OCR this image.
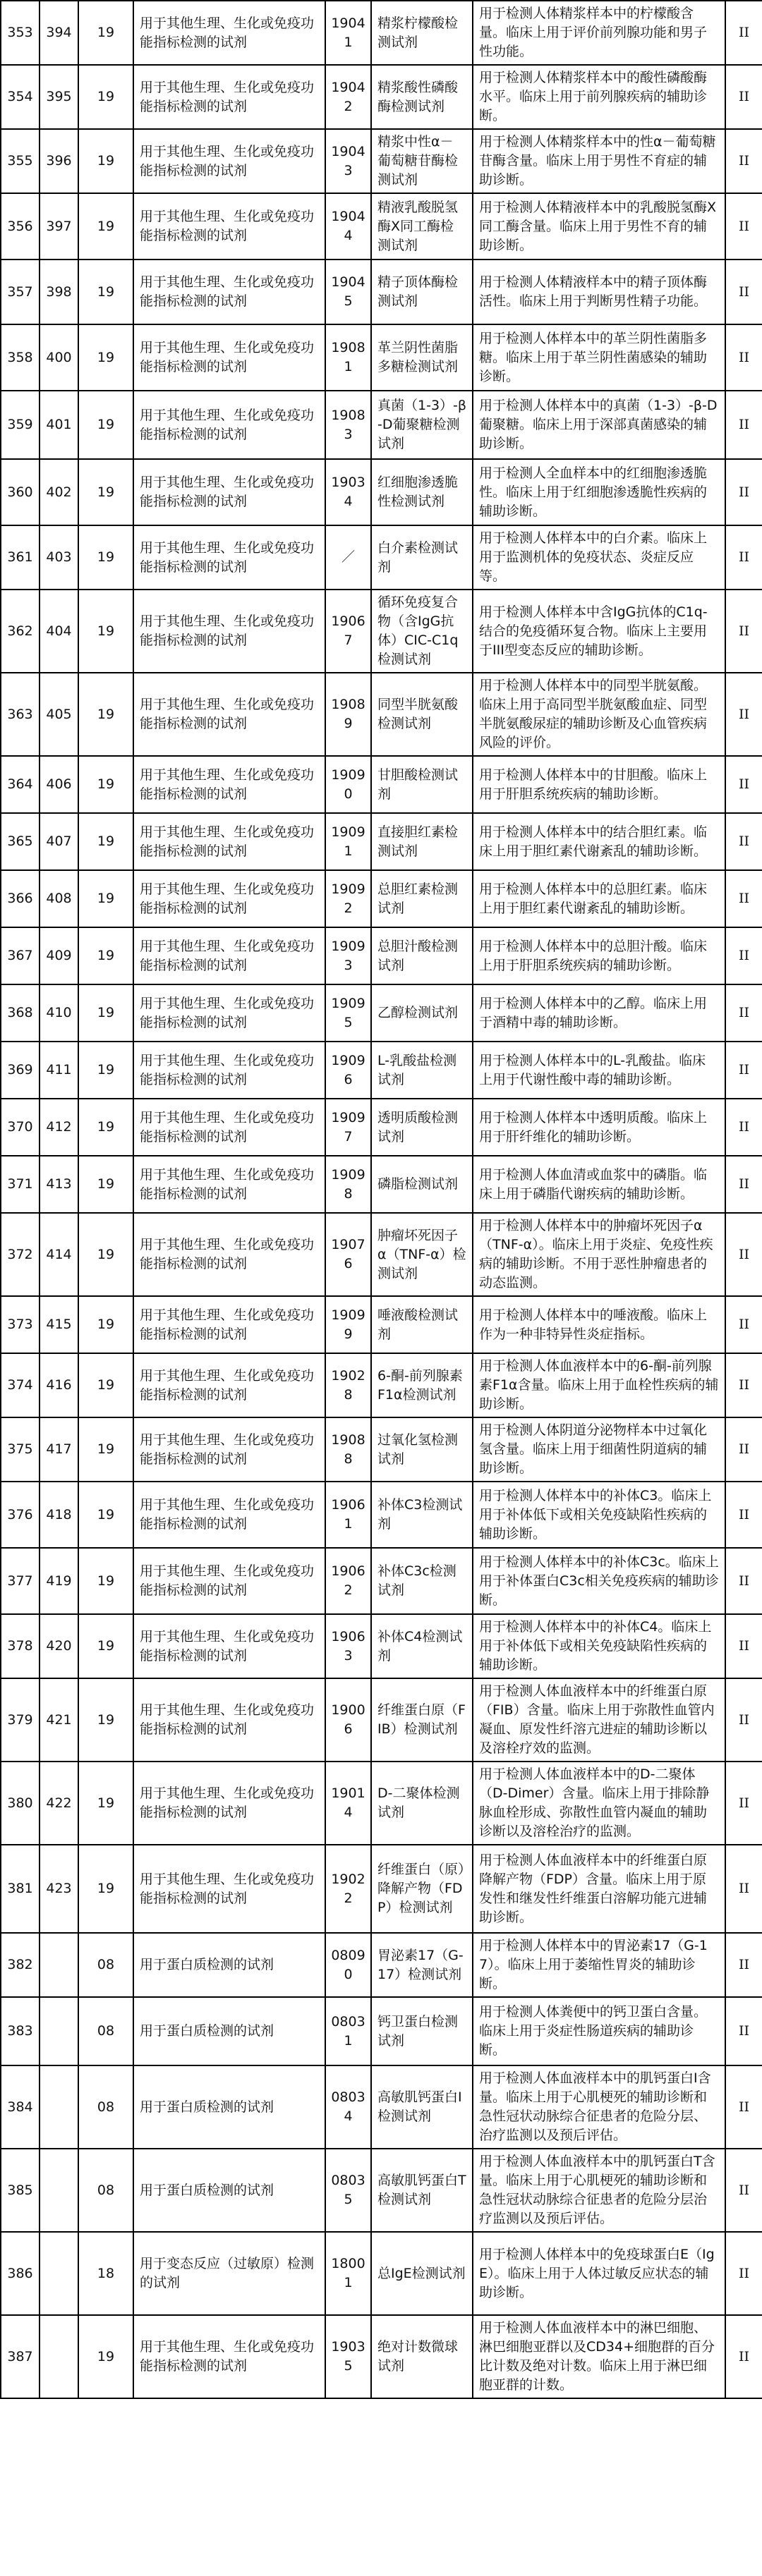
353	394	19	用于其他生理、生化或免疫功能指标检测的试剂	19041	精浆柠檬酸检测试剂	用于检测人体精浆样本中的柠檬酸含量。临床上用于评价前列腺功能和男子性功能。	II
354	395	19	用于其他生理、生化或免疫功能指标检测的试剂	19042	精浆酸性磷酸酶检测试剂	用于检测人体精浆样本中的酸性磷酸酶水平。临床上用于前列腺疾病的辅助诊断。	II
355	396	19	用于其他生理、生化或免疫功能指标检测的试剂	19043	精浆中性α－葡萄糖苷酶检测试剂	用于检测人体精浆样本中的性α－葡萄糖苷酶含量。临床上用于男性不育症的辅助诊断。	II
356	397	19	用于其他生理、生化或免疫功能指标检测的试剂	19044	精液乳酸脱氢酶X同工酶检测试剂	用于检测人体精液样本中的乳酸脱氢酶X同工酶含量。临床上用于男性不育的辅助诊断。	II
357	398	19	用于其他生理、生化或免疫功能指标检测的试剂	19045	精子顶体酶检测试剂	用于检测人体精液样本中的精子顶体酶活性。临床上用于判断男性精子功能。	II
358	400	19	用于其他生理、生化或免疫功能指标检测的试剂	19081	革兰阴性菌脂多糖检测试剂	用于检测人体样本中的革兰阴性菌脂多糖。临床上用于革兰阴性菌感染的辅助诊断。	II
359	401	19	用于其他生理、生化或免疫功能指标检测的试剂	19083	真菌（1-3）-β-D葡聚糖检测试剂	用于检测人体样本中的真菌（1-3）-β-D葡聚糖。临床上用于深部真菌感染的辅助诊断。	II
360	402	19	用于其他生理、生化或免疫功能指标检测的试剂	19034	红细胞渗透脆性检测试剂	用于检测人全血样本中的红细胞渗透脆性。临床上用于红细胞渗透脆性疾病的辅助诊断。	II
361	403	19	用于其他生理、生化或免疫功能指标检测的试剂	／	白介素检测试剂	用于检测人体样本中的白介素。临床上用于监测机体的免疫状态、炎症反应等。	II
362	404	19	用于其他生理、生化或免疫功能指标检测的试剂	19067	循环免疫复合物（含IgG抗体）CIC-C1q检测试剂	用于检测人体样本中含IgG抗体的C1q-结合的免疫循环复合物。临床上主要用于III型变态反应的辅助诊断。	II
363	405	19	用于其他生理、生化或免疫功能指标检测的试剂	19089	同型半胱氨酸检测试剂	用于检测人体样本中的同型半胱氨酸。临床上用于高同型半胱氨酸血症、同型半胱氨酸尿症的辅助诊断及心血管疾病风险的评价。	II
364	406	19	用于其他生理、生化或免疫功能指标检测的试剂	19090	甘胆酸检测试剂	用于检测人体样本中的甘胆酸。临床上用于肝胆系统疾病的辅助诊断。	II
365	407	19	用于其他生理、生化或免疫功能指标检测的试剂	19091	直接胆红素检测试剂	用于检测人体样本中的结合胆红素。临床上用于胆红素代谢紊乱的辅助诊断。	II
366	408	19	用于其他生理、生化或免疫功能指标检测的试剂	19092	总胆红素检测试剂	用于检测人体样本中的总胆红素。临床上用于胆红素代谢紊乱的辅助诊断。	II
367	409	19	用于其他生理、生化或免疫功能指标检测的试剂	19093	总胆汁酸检测试剂	用于检测人体样本中的总胆汁酸。临床上用于肝胆系统疾病的辅助诊断。	II
368	410	19	用于其他生理、生化或免疫功能指标检测的试剂	19095	乙醇检测试剂	用于检测人体样本中的乙醇。临床上用于酒精中毒的辅助诊断。	II
369	411	19	用于其他生理、生化或免疫功能指标检测的试剂	19096	L-乳酸盐检测试剂	用于检测人体样本中的L-乳酸盐。临床上用于代谢性酸中毒的辅助诊断。	II
370	412	19	用于其他生理、生化或免疫功能指标检测的试剂	19097	透明质酸检测试剂	用于检测人体样本中透明质酸。临床上用于肝纤维化的辅助诊断。	II
371	413	19	用于其他生理、生化或免疫功能指标检测的试剂	19098	磷脂检测试剂	用于检测人体血清或血浆中的磷脂。临床上用于磷脂代谢疾病的辅助诊断。	II
372	414	19	用于其他生理、生化或免疫功能指标检测的试剂	19076	肿瘤坏死因子α（TNF-α）检测试剂	用于检测人体样本中的肿瘤坏死因子α（TNF-α）。临床上用于炎症、免疫性疾病的辅助诊断。不用于恶性肿瘤患者的动态监测。	II
373	415	19	用于其他生理、生化或免疫功能指标检测的试剂	19099	唾液酸检测试剂	用于检测人体样本中的唾液酸。临床上作为一种非特异性炎症指标。	II
374	416	19	用于其他生理、生化或免疫功能指标检测的试剂	19028	6-酮-前列腺素F1α检测试剂	用于检测人体血液样本中的6-酮-前列腺素F1α含量。临床上用于血栓性疾病的辅助诊断。	II
375	417	19	用于其他生理、生化或免疫功能指标检测的试剂	19088	过氧化氢检测试剂	用于检测人体阴道分泌物样本中过氧化氢含量。临床上用于细菌性阴道病的辅助诊断。	II
376	418	19	用于其他生理、生化或免疫功能指标检测的试剂	19061	补体C3检测试剂	用于检测人体样本中的补体C3。临床上用于补体低下或相关免疫缺陷性疾病的辅助诊断。	II
377	419	19	用于其他生理、生化或免疫功能指标检测的试剂	19062	补体C3c检测试剂	用于检测人体样本中的补体C3c。临床上用于补体蛋白C3c相关免疫疾病的辅助诊断。	II
378	420	19	用于其他生理、生化或免疫功能指标检测的试剂	19063	补体C4检测试剂	用于检测人体样本中的补体C4。临床上用于补体低下或相关免疫缺陷性疾病的辅助诊断。	II
379	421	19	用于其他生理、生化或免疫功能指标检测的试剂	19006	纤维蛋白原（FIB）检测试剂	用于检测人体血液样本中的纤维蛋白原（FIB）含量。临床上用于弥散性血管内凝血、原发性纤溶亢进症的辅助诊断以及溶栓疗效的监测。	II
380	422	19	用于其他生理、生化或免疫功能指标检测的试剂	19014	D-二聚体检测试剂	用于检测人体血液样本中的D-二聚体（D-Dimer）含量。临床上用于排除静脉血栓形成、弥散性血管内凝血的辅助诊断以及溶栓治疗的监测。	II
381	423	19	用于其他生理、生化或免疫功能指标检测的试剂	19022	纤维蛋白（原）降解产物（FDP）检测试剂	用于检测人体血液样本中的纤维蛋白原降解产物（FDP）含量。临床上用于原发性和继发性纤维蛋白溶解功能亢进辅助诊断。	II
382		08	用于蛋白质检测的试剂	08090	胃泌素17（G-17）检测试剂	用于检测人体样本中的胃泌素17（G-17）。临床上用于萎缩性胃炎的辅助诊断。	II
383		08	用于蛋白质检测的试剂	08031	钙卫蛋白检测试剂	用于检测人体粪便中的钙卫蛋白含量。临床上用于炎症性肠道疾病的辅助诊断。	II
384		08	用于蛋白质检测的试剂	08034	高敏肌钙蛋白I检测试剂	用于检测人体血液样本中的肌钙蛋白I含量。临床上用于心肌梗死的辅助诊断和急性冠状动脉综合征患者的危险分层、治疗监测以及预后评估。	II
385		08	用于蛋白质检测的试剂	08035	高敏肌钙蛋白T检测试剂	用于检测人体血液样本中的肌钙蛋白T含量。临床上用于心肌梗死的辅助诊断和急性冠状动脉综合征患者的危险分层治疗监测以及预后评估。	II
386		18	用于变态反应（过敏原）检测的试剂	18001	总IgE检测试剂	用于检测人体样本中的免疫球蛋白E（IgE）。临床上用于人体过敏反应状态的辅助诊断。	II
387		19	用于其他生理、生化或免疫功能指标检测的试剂	19035	绝对计数微球试剂	用于检测人体血液样本中的淋巴细胞、淋巴细胞亚群以及CD34+细胞群的百分比计数及绝对计数。临床上用于淋巴细胞亚群的计数。	II
